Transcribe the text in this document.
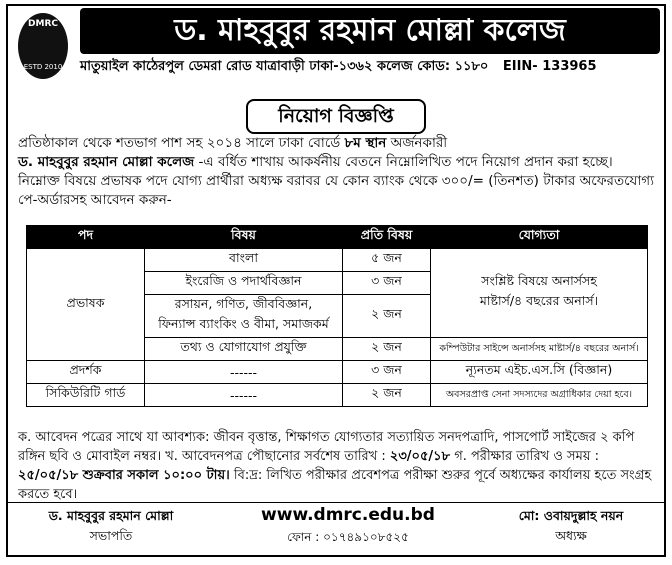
DMRC
ESTD 2010
ড. মাহবুবুর রহমান মোল্লা কলেজ
মাতুয়াইল কাঠেরপুল ডেমরা রোড যাত্রাবাড়ী ঢাকা-১৩৬২ কলেজ কোড: ১১৮০ EIIN- 133965
নিয়োগ বিজ্ঞপ্তি
প্রতিষ্ঠাকাল থেকে শতভাগ পাশ সহ ২০১৪ সালে ঢাকা বোর্ডে ৮ম স্থান অর্জনকারী
ড. মাহবুবুর রহমান মোল্লা কলেজ -এ বর্ধিত শাখায় আকর্ষনীয় বেতনে নিম্নোলিখিত পদে নিয়োগ প্রদান করা হচ্ছে। নিম্নোক্ত বিষয়ে প্রভাষক পদে যোগ্য প্রার্থীরা অধ্যক্ষ বরাবর যে কোন ব্যাংক থেকে ৩০০/= (তিনশত) টাকার অফেরতযোগ্য পে-অর্ডারসহ আবেদন করুন-
পদ	বিষয়	প্রতি বিষয়	যোগ্যতা
প্রভাষক	বাংলা	৫ জন	সংশ্লিষ্ট বিষয়ে অনার্সসহ
মাষ্টার্স/৪ বছরের অনার্স।
	ইংরেজি ও পদার্থবিজ্ঞান	৩ জন	
	রসায়ন, গণিত, জীববিজ্ঞান,
ফিন্যান্স ব্যাংকিং ও বীমা, সমাজকর্ম	২ জন	
	তথ্য ও যোগাযোগ প্রযুক্তি	২ জন	কম্পিউটার সাইন্সে অনার্সসহ মাষ্টার্স/৪ বছরের অনার্স।
প্রদর্শক	------	৩ জন	ন্যূনতম এইচ.এস.সি (বিজ্ঞান)
সিকিউরিটি গার্ড	------	২ জন	অবসরপ্রাপ্ত সেনা সদস্যদের অগ্রাধিকার দেয়া হবে।
ক. আবেদন পত্রের সাথে যা আবশ্যক: জীবন বৃত্তান্ত, শিক্ষাগত যোগ্যতার সত্যায়িত সনদপত্রাদি, পাসপোর্ট সাইজের ২ কপি রঙ্গিন ছবি ও মোবাইল নম্বর। খ. আবেদনপত্র পৌছানোর সর্বশেষ তারিখ : ২৩/০৫/১৮ গ. পরীক্ষার তারিখ ও সময় : ২৫/০৫/১৮ শুক্রবার সকাল ১০:০০ টায়। বি:দ্র: লিখিত পরীক্ষার প্রবেশপত্র পরীক্ষা শুরুর পূর্বে অধ্যক্ষের কার্যালয় হতে সংগ্রহ করতে হবে।
ড. মাহবুবুর রহমান মোল্লা
সভাপতি
www.dmrc.edu.bd
ফোন : ০১৭৪৯১০৮৫২৫
মো: ওবায়দুল্লাহ নয়ন
অধ্যক্ষ
